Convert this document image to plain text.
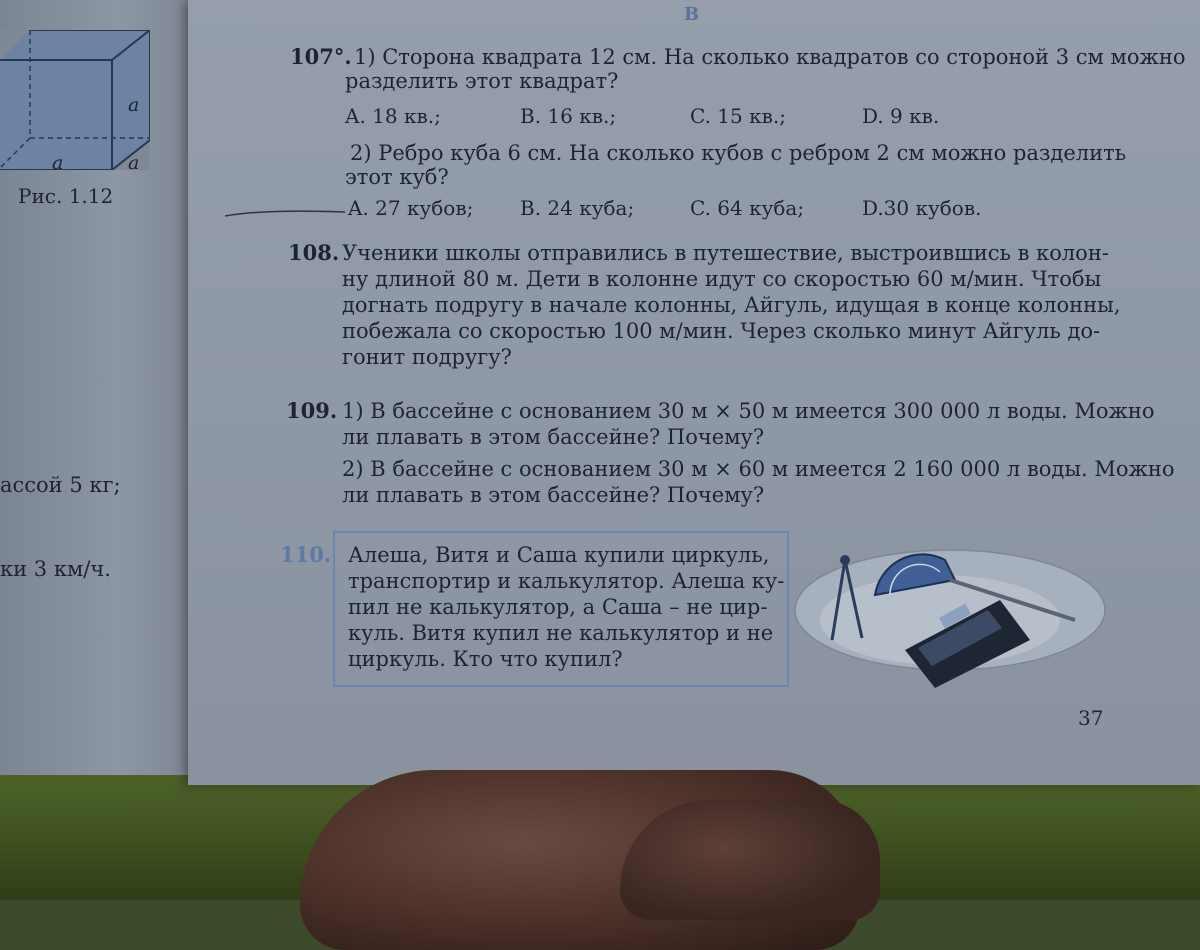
a
a	a
Рис. 1.12
ассой 5 кг;
ки 3 км/ч.
В
107°. 1) Сторона квадрата 12 см. На сколько квадратов со стороной 3 см можно
разделить этот квадрат?
A. 18 кв.;	B. 16 кв.;	C. 15 кв.;	D. 9 кв.
2) Ребро куба 6 см. На сколько кубов с ребром 2 см можно разделить
этот куб?
A. 27 кубов; B. 24 куба;	C. 64 куба;	D.30 кубов.
108. Ученики школы отправились в путешествие, выстроившись в колон-
ну длиной 80 м. Дети в колонне идут со скоростью 60 м/мин. Чтобы
догнать подругу в начале колонны, Айгуль, идущая в конце колонны,
побежала со скоростью 100 м/мин. Через сколько минут Айгуль до-
гонит подругу?
109. 1) В бассейне с основанием 30 м × 50 м имеется 300 000 л воды. Можно
ли плавать в этом бассейне? Почему?
2) В бассейне с основанием 30 м × 60 м имеется 2 160 000 л воды. Можно
ли плавать в этом бассейне? Почему?
110. Алеша, Витя и Саша купили циркуль,
транспортир и калькулятор. Алеша ку-
пил не калькулятор, а Саша – не цир-
куль. Витя купил не калькулятор и не
циркуль. Кто что купил?
37
